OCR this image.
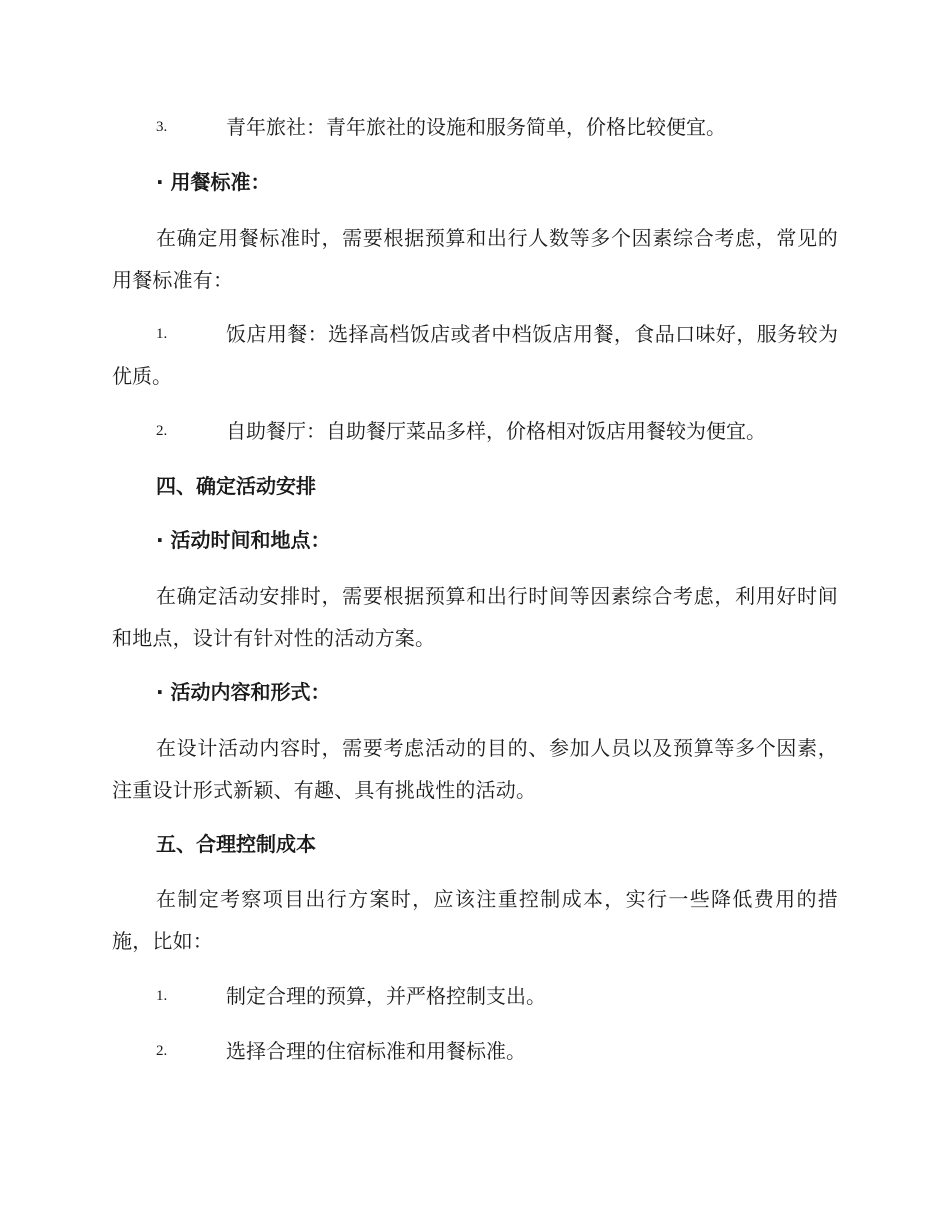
3.	青年旅社：青年旅社的设施和服务简单，价格比较便宜。
· 用餐标准：
在确定用餐标准时，需要根据预算和出行人数等多个因素综合考虑，常见的用餐标准有：
1.	饭店用餐：选择高档饭店或者中档饭店用餐，食品口味好，服务较为优质。
2.	自助餐厅：自助餐厅菜品多样，价格相对饭店用餐较为便宜。
四、确定活动安排
· 活动时间和地点：
在确定活动安排时，需要根据预算和出行时间等因素综合考虑，利用好时间和地点，设计有针对性的活动方案。
· 活动内容和形式：
在设计活动内容时，需要考虑活动的目的、参加人员以及预算等多个因素，注重设计形式新颖、有趣、具有挑战性的活动。
五、合理控制成本
在制定考察项目出行方案时，应该注重控制成本，实行一些降低费用的措施，比如：
1.	制定合理的预算，并严格控制支出。
2.	选择合理的住宿标准和用餐标准。
